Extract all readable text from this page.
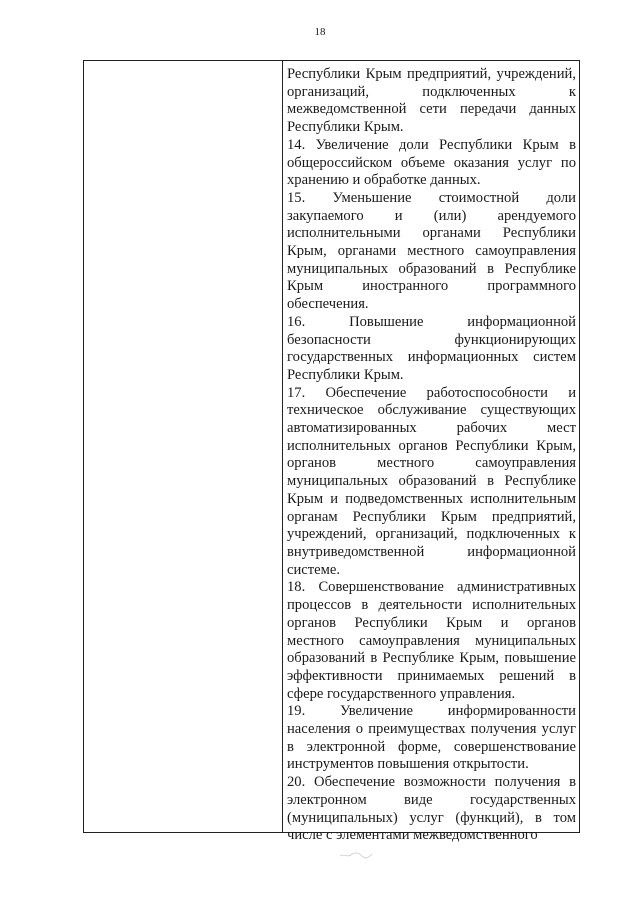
18

Республики Крым предприятий, учреждений, организаций, подключенных к межведомственной сети передачи данных Республики Крым.

14. Увеличение доли Республики Крым в общероссийском объеме оказания услуг по хранению и обработке данных.

15. Уменьшение стоимостной доли закупаемого и (или) арендуемого исполнительными органами Республики Крым, органами местного самоуправления муниципальных образований в Республике Крым иностранного программного обеспечения.

16. Повышение информационной безопасности функционирующих государственных информационных систем Республики Крым.

17. Обеспечение работоспособности и техническое обслуживание существующих автоматизированных рабочих мест исполнительных органов Республики Крым, органов местного самоуправления муниципальных образований в Республике Крым и подведомственных исполнительным органам Республики Крым предприятий, учреждений, организаций, подключенных к внутриведомственной информационной системе.

18. Совершенствование административных процессов в деятельности исполнительных органов Республики Крым и органов местного самоуправления муниципальных образований в Республике Крым, повышение эффективности принимаемых решений в сфере государственного управления.

19. Увеличение информированности населения о преимуществах получения услуг в электронной форме, совершенствование инструментов повышения открытости.

20. Обеспечение возможности получения в электронном виде государственных (муниципальных) услуг (функций), в том числе с элементами межведомственного
